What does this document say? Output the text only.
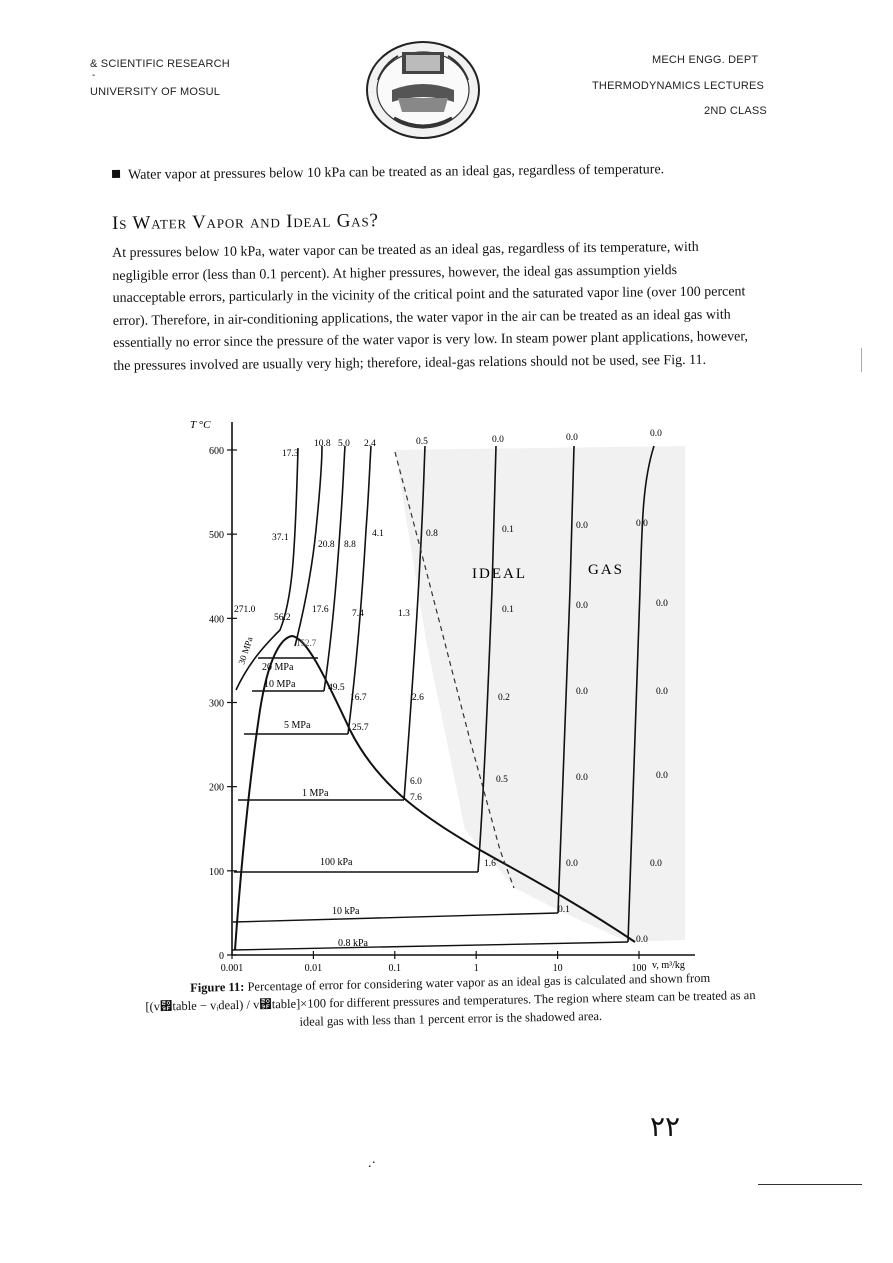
& SCIENTIFIC RESEARCH
-
UNIVERSITY OF MOSUL
MECH ENGG. DEPT
THERMODYNAMICS LECTURES
2ND CLASS
Water vapor at pressures below 10 kPa can be treated as an ideal gas, regardless of temperature.
Is Water Vapor and Ideal Gas?
At pressures below 10 kPa, water vapor can be treated as an ideal gas, regardless of its temperature, with negligible error (less than 0.1 percent). At higher pressures, however, the ideal gas assumption yields unacceptable errors, particularly in the vicinity of the critical point and the saturated vapor line (over 100 percent error). Therefore, in air-conditioning applications, the water vapor in the air can be treated as an ideal gas with essentially no error since the pressure of the water vapor is very low. In steam power plant applications, however, the pressures involved are usually very high; therefore, ideal-gas relations should not be used, see Fig. 11.
0
100
200
300
400
500
600
0.001	0.01	0.1	1	10	100
T °C
v, m³/kg
IDEAL	GAS
30 MPa
20 MPa
10 MPa
5 MPa
1 MPa
100 kPa
10 kPa
0.8 kPa
17.3
10.8 5.0 2.4	0.5	0.0	0.0	0.0
37.1
20.8 8.8
4.1	0.8	0.1	0.0	0.0
271.0
56.2
17.6 7.4	1.3	0.1	0.0	0.0
152.7
49.5
16.7	2.6	0.2
0.0	0.0
25.7
6.0
7.6
0.5	0.0	0.0
1.6	0.0	0.0
0.1
0.0
Figure 11: Percentage of error for considering water vapor as an ideal gas is calculated and shown from
[(v₟table − vᵢdeal) / v₟table]×100 for different pressures and temperatures. The region where steam can be treated as an
ideal gas with less than 1 percent error is the shadowed area.
٢٢
.·
